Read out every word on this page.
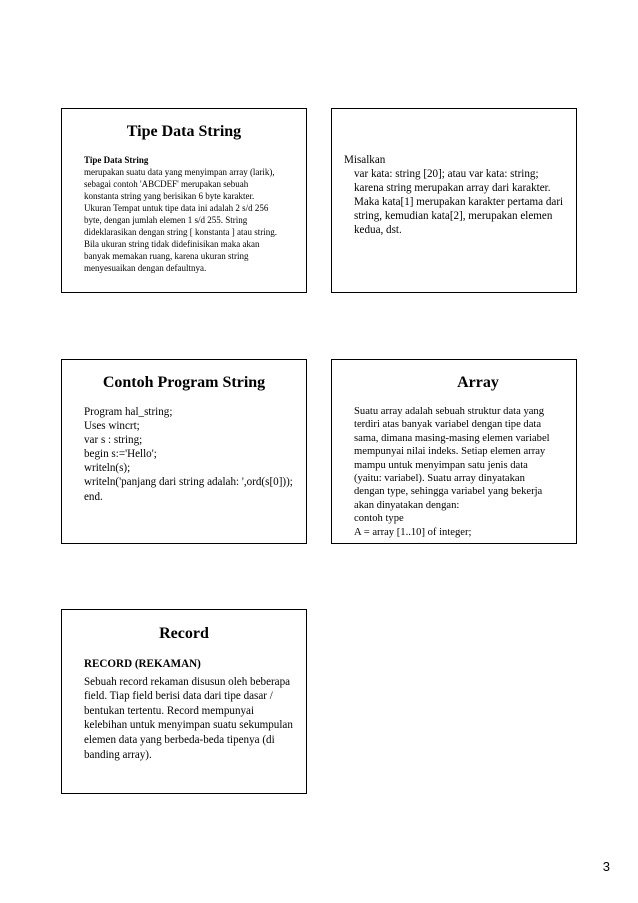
Tipe Data String
Tipe Data String
merupakan suatu data yang menyimpan array (larik),
sebagai contoh 'ABCDEF' merupakan sebuah
konstanta string yang berisikan 6 byte karakter.
Ukuran Tempat untuk tipe data ini adalah 2 s/d 256
byte, dengan jumlah elemen 1 s/d 255. String
dideklarasikan dengan string [ konstanta ] atau string.
Bila ukuran string tidak didefinisikan maka akan
banyak memakan ruang, karena ukuran string
menyesuaikan dengan defaultnya.
Misalkan
var kata: string [20]; atau var kata: string;
karena string merupakan array dari karakter.
Maka kata[1] merupakan karakter pertama dari
string, kemudian kata[2], merupakan elemen
kedua, dst.
Contoh Program String
Program hal_string;
Uses wincrt;
var s : string;
begin s:='Hello';
writeln(s);
writeln('panjang dari string adalah: ',ord(s[0]));
end.
Array
Suatu array adalah sebuah struktur data yang
terdiri atas banyak variabel dengan tipe data
sama, dimana masing-masing elemen variabel
mempunyai nilai indeks. Setiap elemen array
mampu untuk menyimpan satu jenis data
(yaitu: variabel). Suatu array dinyatakan
dengan type, sehingga variabel yang bekerja
akan dinyatakan dengan:
contoh type
A = array [1..10] of integer;
Record
RECORD (REKAMAN)
Sebuah record rekaman disusun oleh beberapa
field. Tiap field berisi data dari tipe dasar /
bentukan tertentu. Record mempunyai
kelebihan untuk menyimpan suatu sekumpulan
elemen data yang berbeda-beda tipenya (di
banding array).
3
